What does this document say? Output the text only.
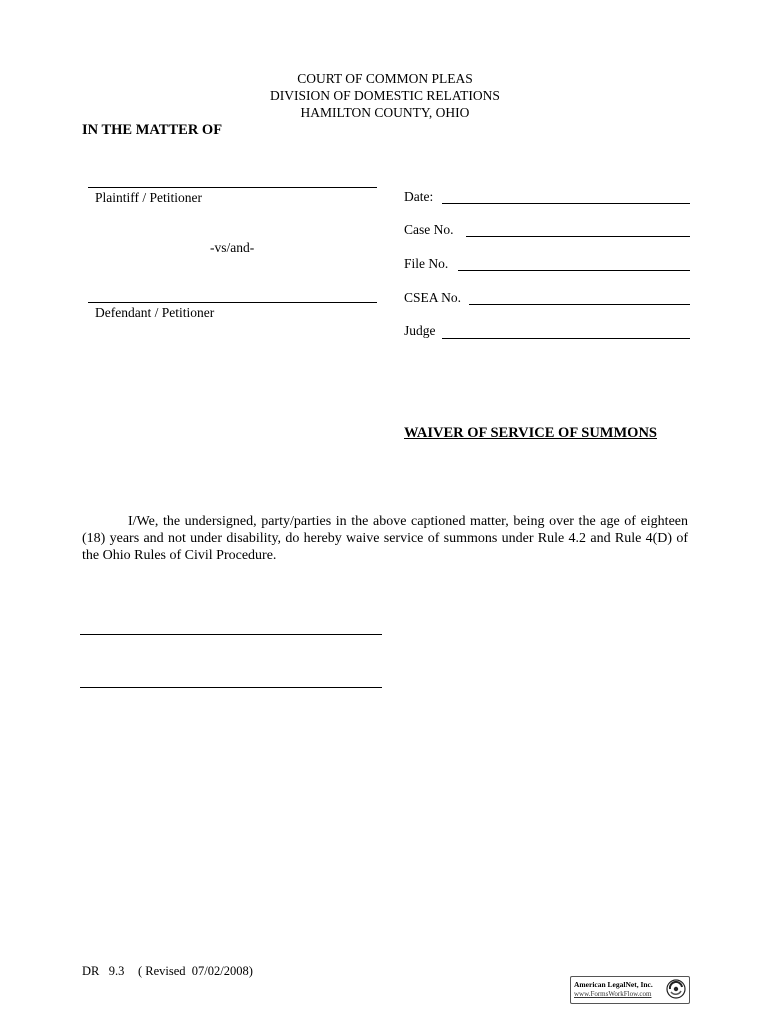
COURT OF COMMON PLEAS
DIVISION OF DOMESTIC RELATIONS
HAMILTON COUNTY, OHIO
IN THE MATTER OF
Plaintiff / Petitioner
-vs/and-
Defendant / Petitioner
Date:
Case No.
File No.
CSEA No.
Judge
WAIVER OF SERVICE OF SUMMONS
I/We, the undersigned, party/parties in the above captioned matter, being over the age of eighteen (18) years and not under disability, do hereby waive service of summons under Rule 4.2 and Rule 4(D) of the Ohio Rules of Civil Procedure.
DR   9.3 ( Revised  07/02/2008)
American LegalNet, Inc.
www.FormsWorkFlow.com
